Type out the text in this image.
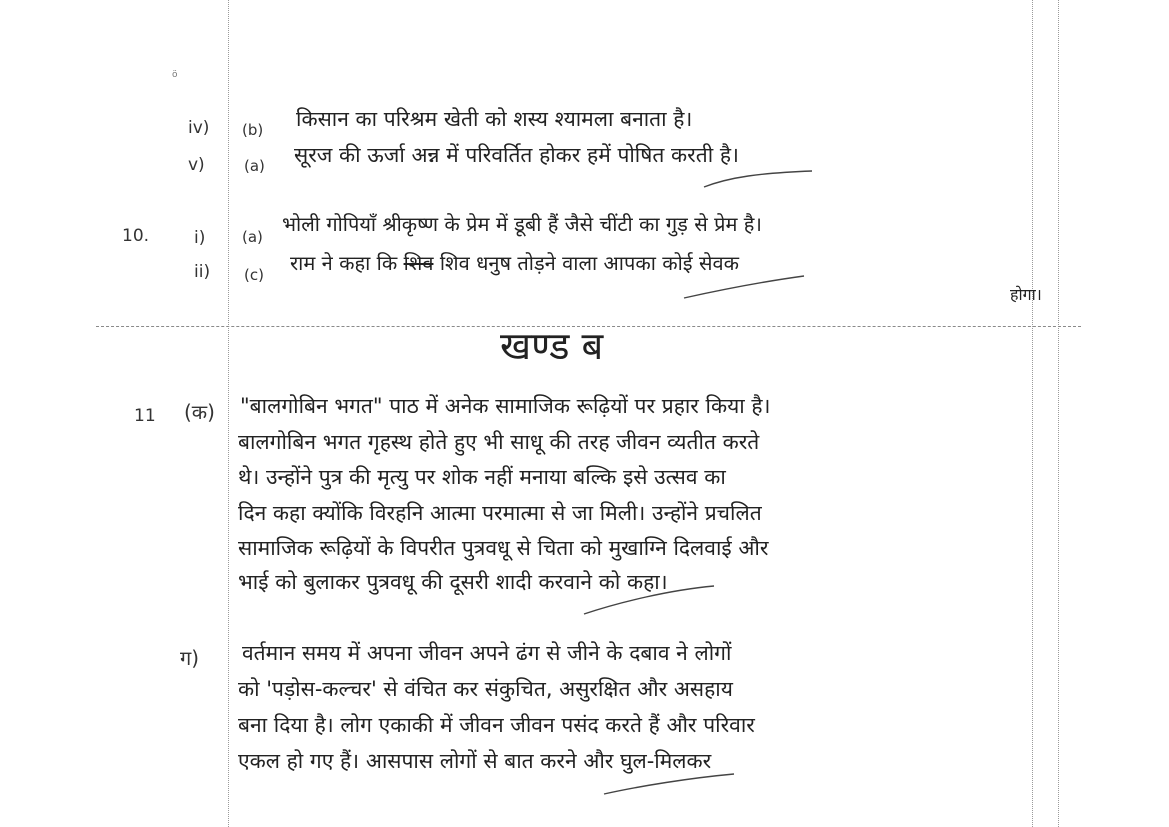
ö
iv) (b) किसान का परिश्रम खेती को शस्य श्यामला बनाता है।
v)	(a) सूरज की ऊर्जा अन्न में परिवर्तित होकर हमें पोषित करती है।
10.	i) (a)
भोली गोपियाँ श्रीकृष्ण के प्रेम में डूबी हैं जैसे चींटी का गुड़ से प्रेम है।
ii) (c) राम ने कहा कि शिव शिव धनुष तोड़ने वाला आपका कोई सेवक
होगा।
खण्ड ब
11 (क) "बालगोबिन भगत" पाठ में अनेक सामाजिक रूढ़ियों पर प्रहार किया है।
बालगोबिन भगत गृहस्थ होते हुए भी साधू की तरह जीवन व्यतीत करते
थे। उन्होंने पुत्र की मृत्यु पर शोक नहीं मनाया बल्कि इसे उत्सव का
दिन कहा क्योंकि विरहनि आत्मा परमात्मा से जा मिली। उन्होंने प्रचलित
सामाजिक रूढ़ियों के विपरीत पुत्रवधू से चिता को मुखाग्नि दिलवाई और
भाई को बुलाकर पुत्रवधू की दूसरी शादी करवाने को कहा।
ग) वर्तमान समय में अपना जीवन अपने ढंग से जीने के दबाव ने लोगों
को 'पड़ोस-कल्चर' से वंचित कर संकुचित, असुरक्षित और असहाय
बना दिया है। लोग एकाकी में जीवन जीवन पसंद करते हैं और परिवार
एकल हो गए हैं। आसपास लोगों से बात करने और घुल-मिलकर
